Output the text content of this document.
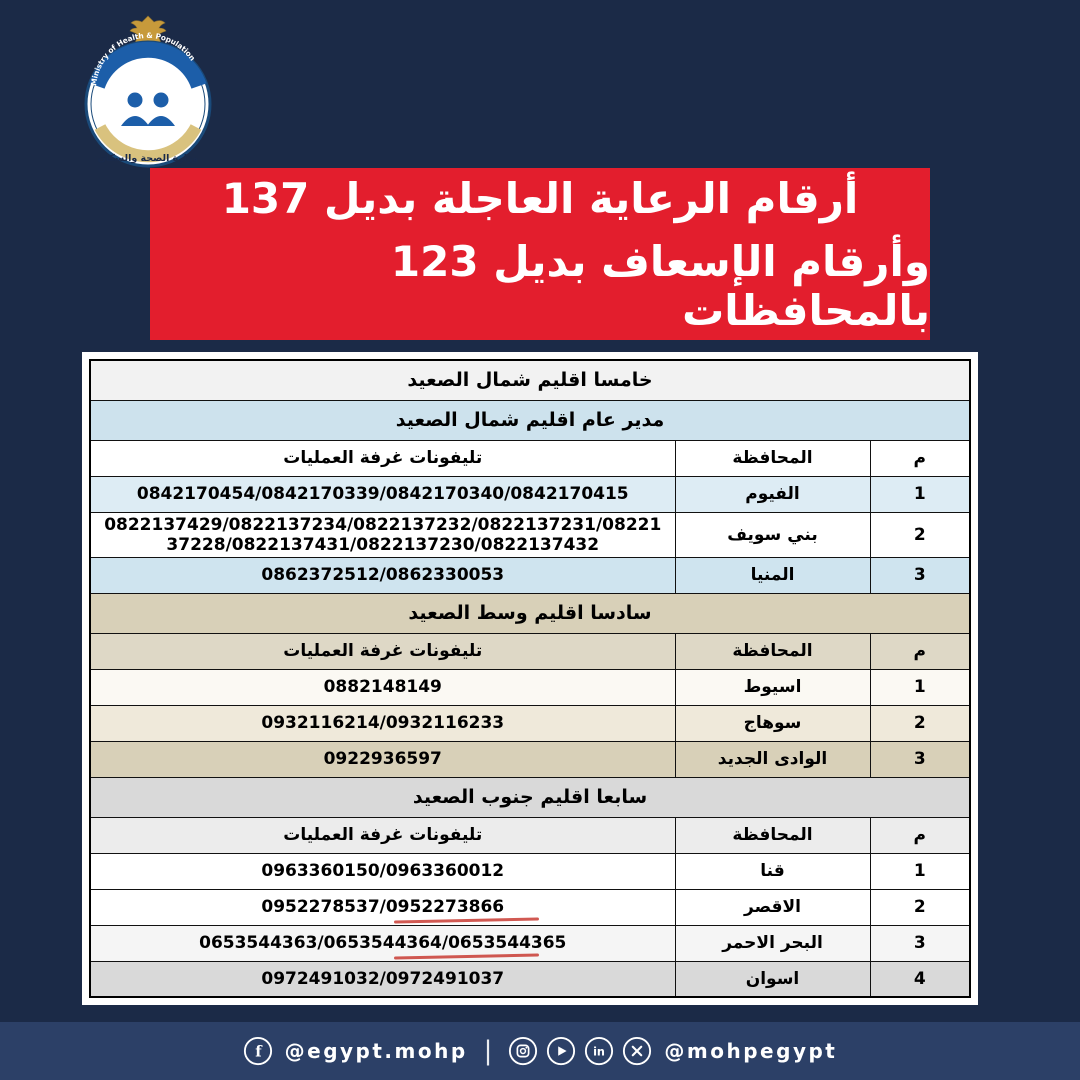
Ministry of Health & Population
وزارة الصحة والسكان
أرقام الرعاية العاجلة بديل 137
وأرقام الإسعاف بديل 123 بالمحافظات
خامسا اقليم شمال الصعيد		
مدير عام اقليم شمال الصعيد		
م	المحافظة	تليفونات غرفة العمليات
1	الفيوم	0842170454/0842170339/0842170340/0842170415
2	بني سويف	0822137429/0822137234/0822137232/0822137231/0822137228/0822137431/0822137230/0822137432
3	المنيا	0862372512/0862330053
سادسا اقليم وسط الصعيد		
م	المحافظة	تليفونات غرفة العمليات
1	اسيوط	0882148149
2	سوهاج	0932116214/0932116233
3	الوادى الجديد	0922936597
سابعا اقليم جنوب الصعيد		
م	المحافظة	تليفونات غرفة العمليات
1	قنا	0963360150/0963360012
2	الاقصر	0952278537/0952273866
3	البحر الاحمر	0653544363/0653544364/0653544365
4	اسوان	0972491032/0972491037
f @egypt.mohp |	in	@mohpegypt
